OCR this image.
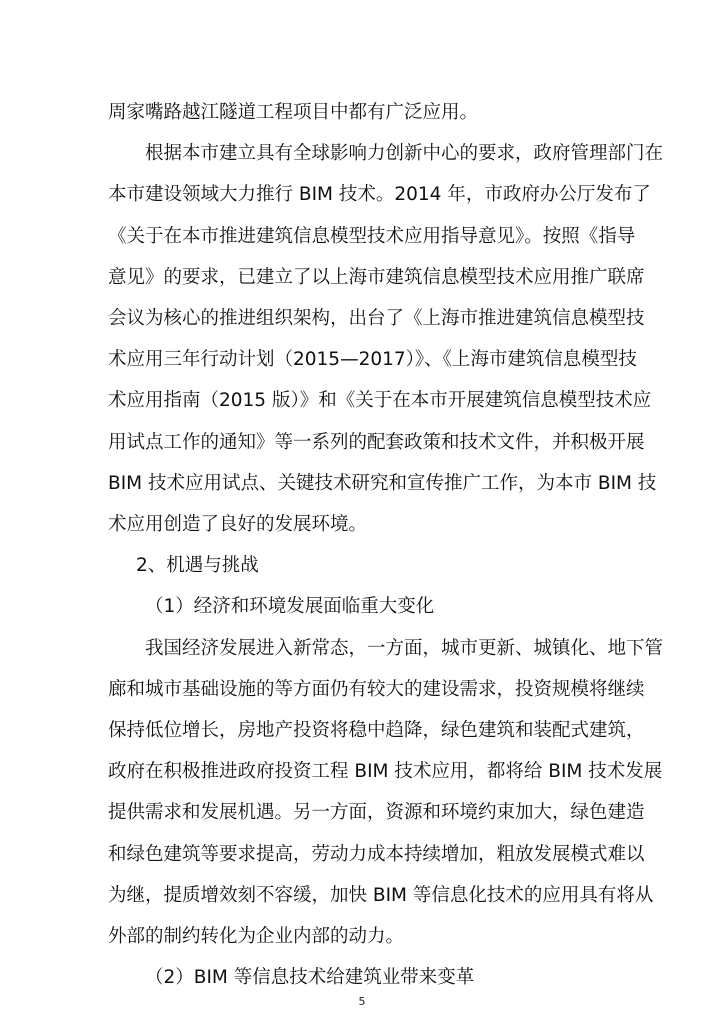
周家嘴路越江隧道工程项目中都有广泛应用。
根据本市建立具有全球影响力创新中心的要求，政府管理部门在
本市建设领域大力推行 BIM 技术。2014 年，市政府办公厅发布了
《关于在本市推进建筑信息模型技术应用指导意见》。按照《指导
意见》的要求，已建立了以上海市建筑信息模型技术应用推广联席
会议为核心的推进组织架构，出台了《上海市推进建筑信息模型技
术应用三年行动计划（2015—2017）》、《上海市建筑信息模型技
术应用指南（2015 版）》和《关于在本市开展建筑信息模型技术应
用试点工作的通知》等一系列的配套政策和技术文件，并积极开展
BIM 技术应用试点、关键技术研究和宣传推广工作，为本市 BIM 技
术应用创造了良好的发展环境。
2、机遇与挑战
（1）经济和环境发展面临重大变化
我国经济发展进入新常态，一方面，城市更新、城镇化、地下管
廊和城市基础设施的等方面仍有较大的建设需求，投资规模将继续
保持低位增长，房地产投资将稳中趋降，绿色建筑和装配式建筑，
政府在积极推进政府投资工程 BIM 技术应用，都将给 BIM 技术发展
提供需求和发展机遇。另一方面，资源和环境约束加大，绿色建造
和绿色建筑等要求提高，劳动力成本持续增加，粗放发展模式难以
为继，提质增效刻不容缓，加快 BIM 等信息化技术的应用具有将从
外部的制约转化为企业内部的动力。
（2）BIM 等信息技术给建筑业带来变革
5
